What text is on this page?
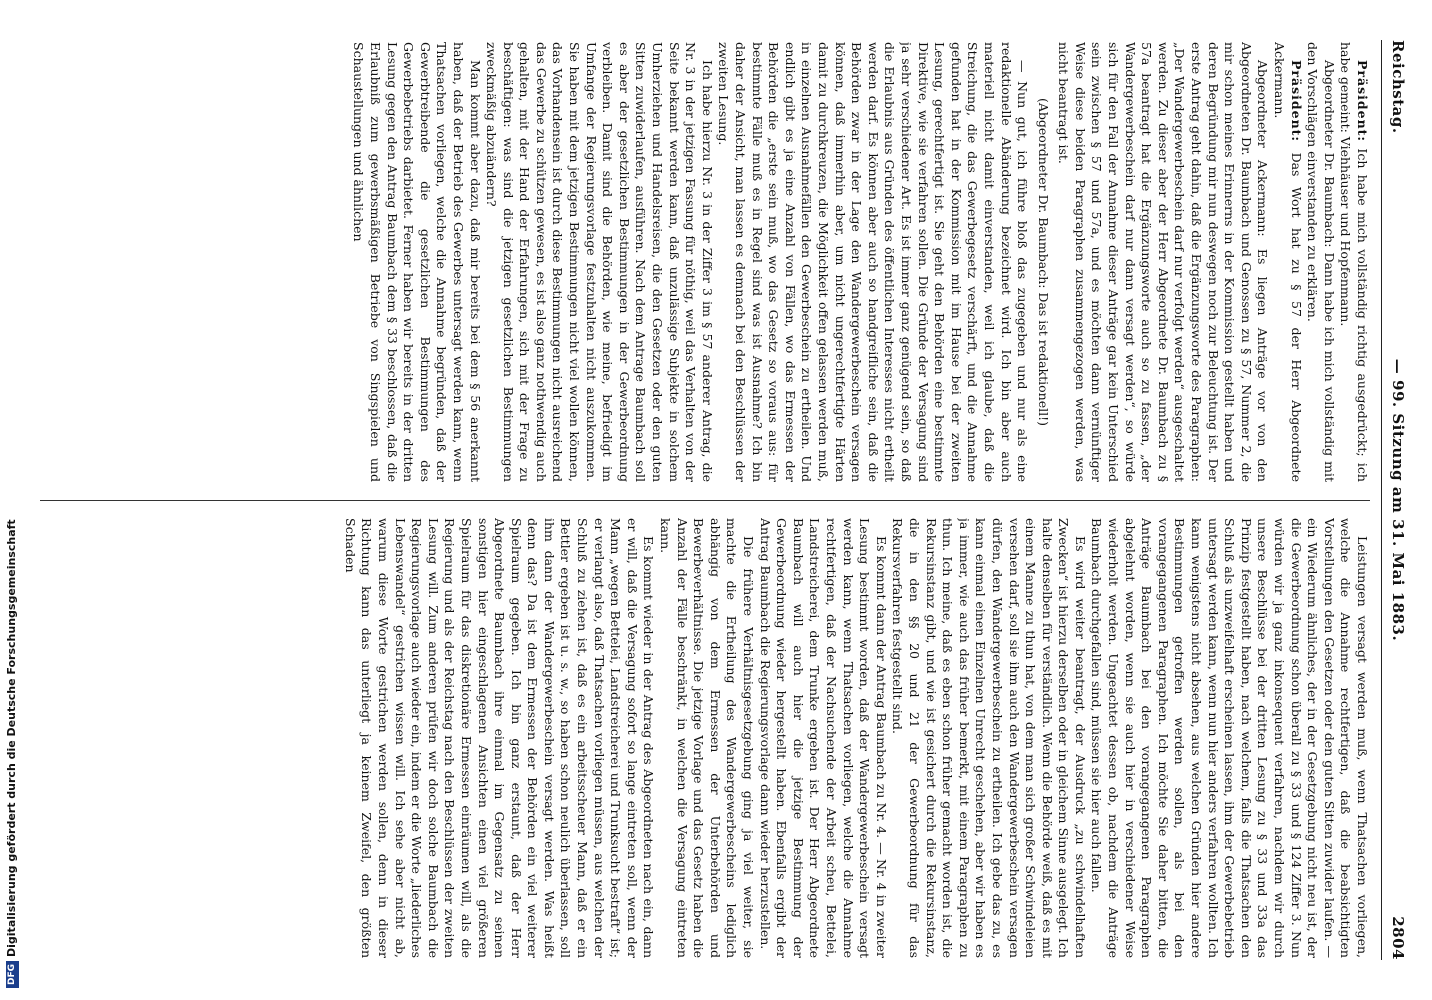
Reichstag.
— 99. Sitzung am 31. Mai 1883.
2804

Präsident: Ich habe mich vollständig richtig ausgedrückt; ich habe gemeint: Viehhäuser und Hopfenmann.

Abgeordneter Dr. Baumbach: Dann habe ich mich vollständig mit den Vorschlägen einverstanden zu erklären.

Präsident: Das Wort hat zu § 57 der Herr Abgeordnete Ackermann.

Abgeordneter Ackermann: Es liegen Anträge vor von den Abgeordneten Dr. Baumbach und Genossen zu § 57, Nummer 2, die mir schon meines Erinnerns in der Kommission gestellt haben und deren Begründung mir nun deswegen noch zur Beleuchtung ist. Der erste Antrag geht dahin, daß die Ergänzungsworte des Paragraphen: „Der Wandergewerbeschein darf nur verfolgt werden“ ausgeschaltet werden. Zu dieser aber der Herr Abgeordnete Dr. Baumbach zu § 57a beantragt hat die Ergänzungsworte auch so zu fassen, „der Wandergewerbeschein darf nur dann versagt werden“, so würde sich für den Fall der Annahme dieser Anträge gar kein Unterschied sein zwischen § 57 und 57a, und es möchten dann vernünftiger Weise diese beiden Paragraphen zusammengezogen werden, was nicht beantragt ist.

(Abgeordneter Dr. Baumbach: Das ist redaktionell!)

— Nun gut, ich führe bloß das zugegeben und nur als eine redaktionelle Abänderung bezeichnet wird. Ich bin aber auch materiell nicht damit einverstanden, weil ich glaube, daß die Streichung, die das Gewerbegesetz verschärft, und die Annahme gefunden hat in der Kommission mit im Hause bei der zweiten Lesung, gerechtfertigt ist. Sie geht den Behörden eine bestimmte Direktive, wie sie verfahren sollen. Die Gründe der Versagung sind ja sehr verschiedener Art. Es ist immer ganz genügend sein, so daß die Erlaubnis aus Gründen des öffentlichen Interesses nicht ertheilt werden darf. Es können aber auch so handgreifliche sein, daß die Behörden zwar in der Lage den Wandergewerbeschein versagen können, daß immerhin aber, um nicht ungerechtfertigte Härten damit zu durchkreuzen, die Möglichkeit offen gelassen werden muß, in einzelnen Ausnahmefällen den Gewerbeschein zu ertheilen. Und endlich gibt es ja eine Anzahl von Fällen, wo das Ermessen der Behörden die „erste sein muß, wo das Gesetz so voraus aus: für bestimmte Fälle muß es in Regel sind was ist Ausnahme? Ich bin daher der Ansicht, man lassen es demnach bei den Beschlüssen der zweiten Lesung.

Ich habe hierzu Nr. 3 in der Ziffer 3 im § 57 anderer Antrag, die Nr. 3 in der jetzigen Fassung für nöthig, weil das Verhalten von der Seite bekannt werden kann, daß unzulässige Subjekte in solchem Umherziehen und Handelsreisen, die den Gesetzen oder den guten Sitten zuwiderlaufen, ausführen. Nach dem Antrage Baumbach soll es aber der gesetzlichen Bestimmungen in der Gewerbeordnung verbleiben. Damit sind die Behörden, wie meine, befriedigt im Umfange der Regierungsvorlage festzuhalten nicht auszukommen. Sie haben mit dem jetzigen Bestimmungen nicht viel wollen können, das Vorhandensein ist durch diese Bestimmungen nicht ausreichend das Gewerbe zu schützen gewesen, es ist also ganz nothwendig auch gehalten, mit der Hand der Erfahrungen, sich mit der Frage zu beschäftigen: was sind die jetzigen gesetzlichen Bestimmungen zweckmäßig abzuändern?

Man kommt aber dazu, daß mir bereits bei dem § 56 anerkannt haben, daß der Betrieb des Gewerbes untersagt werden kann, wenn Thatsachen vorliegen, welche die Annahme begründen, daß der Gewerbtreibende die gesetzlichen Bestimmungen des Gewerbebetriebs darbietet. Ferner haben wir bereits in der dritten Lesung gegen den Antrag Baumbach dem § 33 beschlossen, daß die Erlaubniß zum gewerbsmäßigen Betriebe von Singspielen und Schaustellungen und ähnlichen

Leistungen versagt werden muß, wenn Thatsachen vorliegen, welche die Annahme rechtfertigen, daß die beabsichtigten Vorstellungen den Gesetzen oder den guten Sitten zuwider laufen. — ein Wiederum ähnliches, der in der Gesetzgebung nicht neu ist, der die Gewerbeordnung schon überall zu § 33 und § 124 Ziffer 3. Nun würden wir ja ganz inkonsequent verfahren, nachdem wir durch unsere Beschlüsse bei der dritten Lesung zu § 33 und 33a das Prinzip festgestellt haben, nach welchem, falls die Thatsachen den Schluß als unzweifelhaft erscheinen lassen, ihm der Gewerbebetrieb untersagt werden kann, wenn nun hier anders verfahren wollten. Ich kann wenigstens nicht absehen, aus welchen Gründen hier andere Bestimmungen getroffen werden sollen, als bei den vorangegangenen Paragraphen. Ich möchte Sie daher bitten, die Anträge Baumbach bei den vorangegangenen Paragraphen abgelehnt worden, wenn sie auch hier in verschiedener Weise wiederholt werden. Ungeachtet dessen ob, nachdem die Anträge Baumbach durchgefallen sind, müssen sie hier auch fallen.

Es wird weiter beantragt, der Ausdruck „zu schwindelhaften Zwecken“ ist hierzu derselben oder in gleichem Sinne ausgelegt. Ich halte denselben für verständlich. Wenn die Behörde weiß, daß es mit einem Manne zu thun hat, von dem man sich großer Schwindeleien versehen darf, soll sie ihm auch den Wandergewerbeschein versagen dürfen, den Wandergewerbeschein zu ertheilen. Ich gebe das zu, es kann einmal einen Einzelnen Unrecht geschehen, aber wir haben es ja immer, wie auch das früher bemerkt, mit einem Paragraphen zu thun. Ich meine, daß es eben schon früher gemacht worden ist, die Rekursinstanz gibt, und wie ist gesichert durch die Rekursinstanz, die in den §§ 20 und 21 der Gewerbeordnung für das Rekursverfahren festgestellt sind.

Es kommt dann der Antrag Baumbach zu Nr. 4. — Nr. 4 in zweiter Lesung bestimmt worden, daß der Wandergewerbeschein versagt werden kann, wenn Thatsachen vorliegen, welche die Annahme rechtfertigen, daß der Nachsuchende der Arbeit scheu, Bettelei, Landstreicherei, dem Trunke ergeben ist. Der Herr Abgeordnete Baumbach will auch hier die jetzige Bestimmung der Gewerbeordnung wieder hergestellt haben. Ebenfalls ergibt der Antrag Baumbach die Regierungsvorlage dann wieder herzustellen.

Die frühere Verhältnisgesetzgebung ging ja viel weiter, sie machte die Ertheilung des Wandergewerbescheins lediglich abhängig von dem Ermessen der Unterbehörden und Bewerbeverhältnisse. Die jetzige Vorlage und das Gesetz haben die Anzahl der Fälle beschränkt, in welchen die Versagung eintreten kann.

Es kommt wieder in der Antrag des Abgeordneten nach ein, dann er will, daß die Versagung sofort so lange eintreten soll, wenn der Mann „wegen Bettelei, Landstreicherei und Trunksucht bestraft“ ist; er verlangt also, daß Thatsachen vorliegen müssen, aus welchen der Schluß zu ziehen ist, daß es ein arbeitsscheuer Mann, daß er ein Bettler ergeben ist u. s. w., so haben schon neulich überlassen, soll ihm dann der Wandergewerbeschein versagt werden. Was heißt denn das? Da ist dem Ermessen der Behörden ein viel weiterer Spielraum gegeben. Ich bin ganz erstaunt, daß der Herr Abgeordnete Baumbach ihre einmal im Gegensatz zu seinen sonstigen hier eingeschlagenen Ansichten einen viel größeren Spielraum für das diskretionäre Ermessen einräumen will, als die Regierung und als der Reichstag nach den Beschlüssen der zweiten Lesung will. Zum anderen prüfen wir doch solche Baumbach die Regierungsvorlage auch wieder ein, indem er die Worte „liederliches Lebenswandel“ gestrichen wissen will. Ich sehe aber nicht ab, warum diese Worte gestrichen werden sollen, denn in dieser Richtung kann das unterliegt ja keinem Zweifel, den größten Schaden

DFGDigitalisierung gefördert durch die Deutsche Forschungsgemeinschaft
